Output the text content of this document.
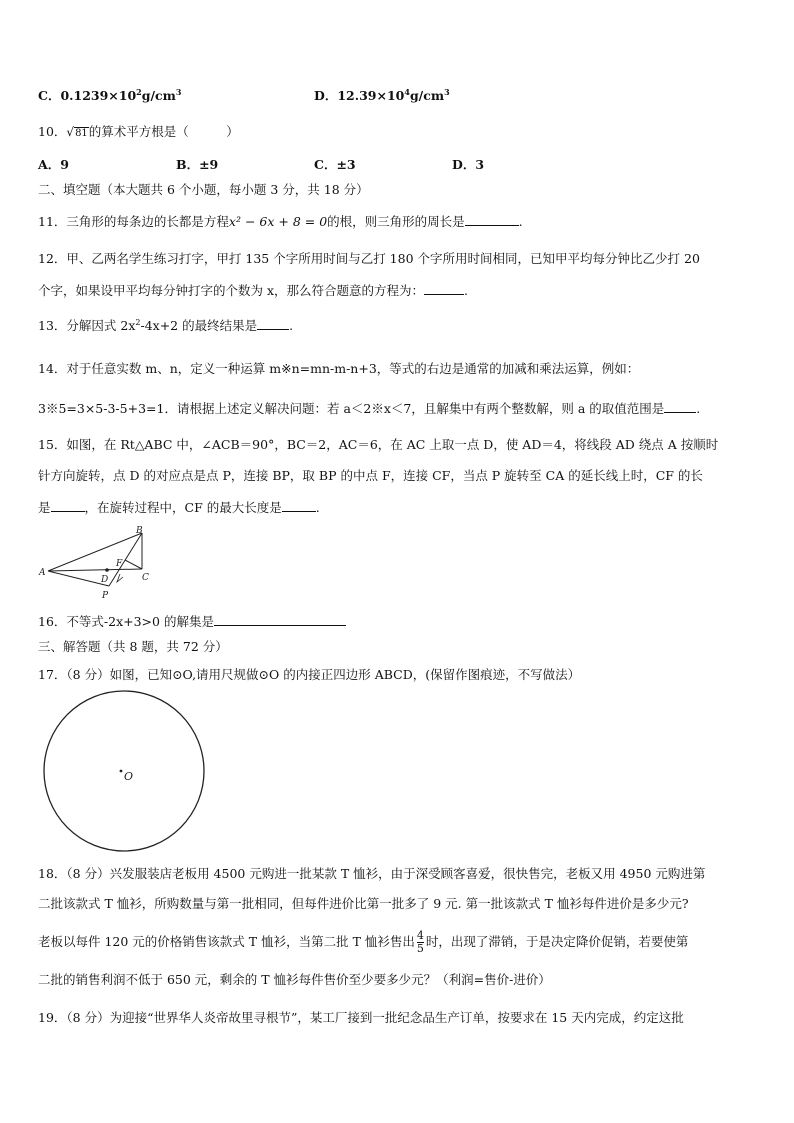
C．$0.1239\times 10^2g/cm^3$	D．$12.39\times 10^4g/cm^3$
10．√81的算术平方根是（　　　）
A．9	B．±9	C．±3	D．3
二、填空题（本大题共 6 个小题，每小题 3 分，共 18 分）
11．三角形的每条边的长都是方程x² − 6x + 8 = 0的根，则三角形的周长是	.
12．甲、乙两名学生练习打字，甲打 135 个字所用时间与乙打 180 个字所用时间相同，已知甲平均每分钟比乙少打 20
个字，如果设甲平均每分钟打字的个数为 x，那么符合题意的方程为：	.
13．分解因式 $2x^2-4x+2$ 的最终结果是	.
14．对于任意实数 m、n，定义一种运算 m※n=mn-m-n+3，等式的右边是通常的加减和乘法运算，例如：
3※5=3×5-3-5+3=1．请根据上述定义解决问题：若 a＜2※x＜7，且解集中有两个整数解，则 a 的取值范围是	.
15．如图，在 Rt△ABC 中，∠ACB＝90°，BC＝2，AC＝6，在 AC 上取一点 D，使 AD＝4，将线段 AD 绕点 A 按顺时
针方向旋转，点 D 的对应点是点 P，连接 BP，取 BP 的中点 F，连接 CF，当点 P 旋转至 CA 的延长线上时，CF 的长
是	，在旋转过程中，CF 的最大长度是	.
A
B
C
D
F
P
16．不等式-2x+3>0 的解集是
三、解答题（共 8 题，共 72 分）
17．（8 分）如图，已知⊙O,请用尺规做⊙O 的内接正四边形 ABCD，(保留作图痕迹，不写做法）
O
18．（8 分）兴发服装店老板用 4500 元购进一批某款 T 恤衫，由于深受顾客喜爱，很快售完，老板又用 4950 元购进第
二批该款式 T 恤衫，所购数量与第一批相同，但每件进价比第一批多了 9 元. 第一批该款式 T 恤衫每件进价是多少元?
老板以每件 120 元的价格销售该款式 T 恤衫，当第二批 T 恤衫售出 $\frac{4}{5}$ 时，出现了滞销，于是决定降价促销，若要使第
二批的销售利润不低于 650 元，剩余的 T 恤衫每件售价至少要多少元？（利润=售价-进价）
19．（8 分）为迎接“世界华人炎帝故里寻根节”，某工厂接到一批纪念品生产订单，按要求在 15 天内完成，约定这批
